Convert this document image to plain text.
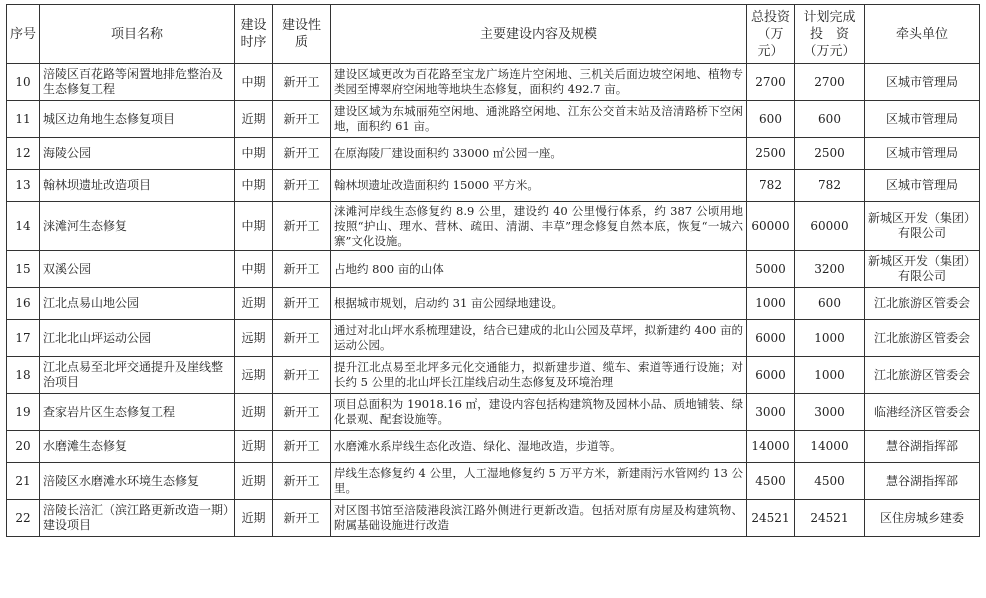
序号	项目名称	建设时序	建设性质	主要建设内容及规模	总投资（万元）	计划完成投　资（万元）	牵头单位
10	涪陵区百花路等闲置地排危整治及生态修复工程	中期	新开工	建设区域更改为百花路至宝龙广场连片空闲地、三机关后面边坡空闲地、植物专类园至博翠府空闲地等地块生态修复，面积约 492.7 亩。	2700	2700	区城市管理局
11	城区边角地生态修复项目	近期	新开工	建设区域为东城丽苑空闲地、通洮路空闲地、江东公交首末站及涪清路桥下空闲地，面积约 61 亩。	600	600	区城市管理局
12	海陵公园	中期	新开工	在原海陵厂建设面积约 33000 ㎡公园一座。	2500	2500	区城市管理局
13	翰林坝遗址改造项目	中期	新开工	翰林坝遗址改造面积约 15000 平方米。	782	782	区城市管理局
14	涞滩河生态修复	中期	新开工	涞滩河岸线生态修复约 8.9 公里，建设约 40 公里慢行体系，约 387 公顷用地按照“护山、理水、营林、疏田、清湖、丰草”理念修复自然本底，恢复“一城六寨”文化设施。	60000	60000	新城区开发（集团）有限公司
15	双溪公园	中期	新开工	占地约 800 亩的山体	5000	3200	新城区开发（集团）有限公司
16	江北点易山地公园	近期	新开工	根据城市规划，启动约 31 亩公园绿地建设。	1000	600	江北旅游区管委会
17	江北北山坪运动公园	远期	新开工	通过对北山坪水系梳理建设，结合已建成的北山公园及草坪，拟新建约 400 亩的运动公园。	6000	1000	江北旅游区管委会
18	江北点易至北坪交通提升及崖线整治项目	远期	新开工	提升江北点易至北坪多元化交通能力，拟新建步道、缆车、索道等通行设施；对长约 5 公里的北山坪长江崖线启动生态修复及环境治理	6000	1000	江北旅游区管委会
19	查家岩片区生态修复工程	近期	新开工	项目总面积为 19018.16 ㎡，建设内容包括构建筑物及园林小品、质地铺装、绿化景观、配套设施等。	3000	3000	临港经济区管委会
20	水磨滩生态修复	近期	新开工	水磨滩水系岸线生态化改造、绿化、湿地改造，步道等。	14000	14000	慧谷湖指挥部
21	涪陵区水磨滩水环境生态修复	近期	新开工	岸线生态修复约 4 公里，人工湿地修复约 5 万平方米，新建雨污水管网约 13 公里。	4500	4500	慧谷湖指挥部
22	涪陵长涪汇（滨江路更新改造一期）建设项目	近期	新开工	对区图书馆至涪陵港段滨江路外侧进行更新改造。包括对原有房屋及构建筑物、附属基础设施进行改造	24521	24521	区住房城乡建委
